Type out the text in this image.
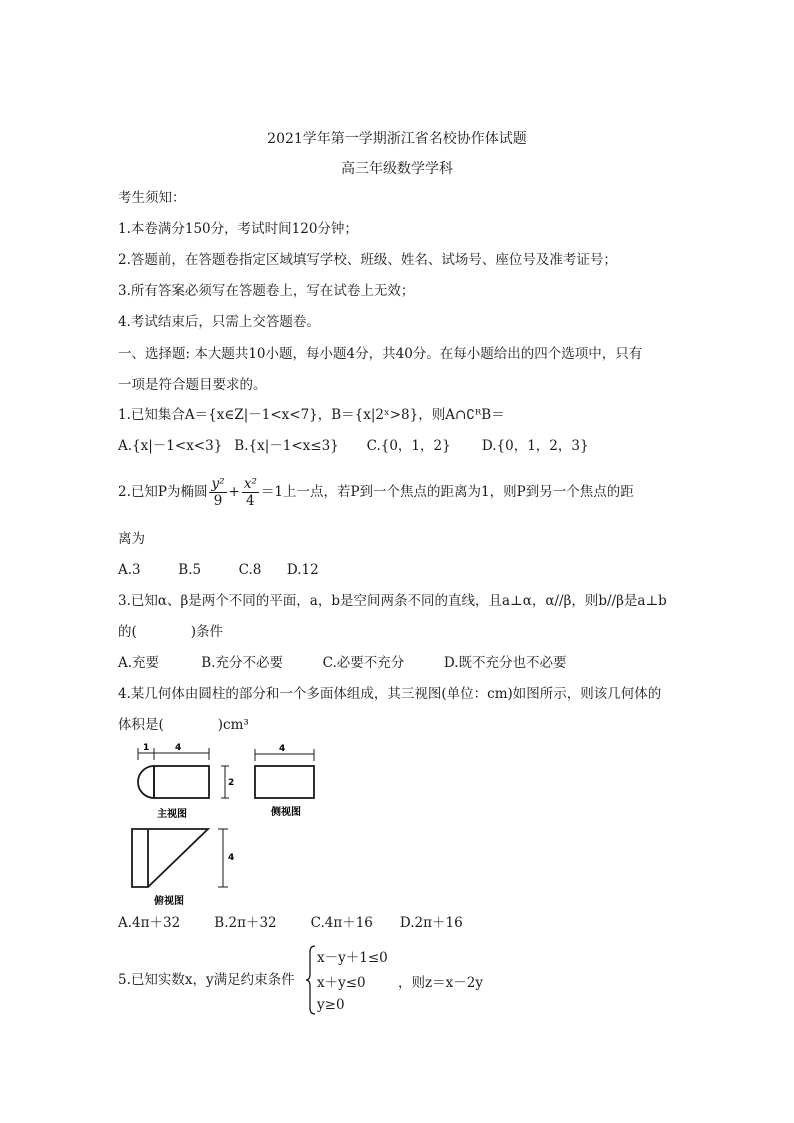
2021学年第一学期浙江省名校协作体试题
高三年级数学学科
考生须知：
1.本卷满分150分，考试时间120分钟；
2.答题前，在答题卷指定区域填写学校、班级、姓名、试场号、座位号及准考证号；
3.所有答案必须写在答题卷上，写在试卷上无效；
4.考试结束后，只需上交答题卷。
一、选择题: 本大题共10小题，每小题4分，共40分。在每小题给出的四个选项中，只有
一项是符合题目要求的。
1.已知集合A＝{x∈Z|－1<x<7}，B＝{x|2ˣ>8}，则A∩∁ᴿB＝
A.{x|－1<x<3} B.{x|－1<x≤3} C.{0，1，2} D.{0，1，2，3}
2.已知P为椭圆 $\frac{\text{y²}}{9} + \frac{\text{x²}}{4} =1$上一点，若P到一个焦点的距离为1，则P到另一个焦点的距
离为
A.3	B.5	C.8 D.12
3.已知α、β是两个不同的平面，a，b是空间两条不同的直线，且a⊥α，α//β，则b//β是a⊥b
的(　　　　)条件
A.充要	B.充分不必要	C.必要不充分	D.既不充分也不必要
4.某几何体由圆柱的部分和一个多面体组成，其三视图(单位：cm)如图所示，则该几何体的
体积是(　　　　)cm³
1	4
2
主视图
4
侧视图
4
俯视图
A.4π＋32	B.2π＋32	C.4π＋16 D.2π＋16
5.已知实数x，y满足约束条件
x－y＋1≤0
x＋y≤0
y≥0
，则z＝x－2y
